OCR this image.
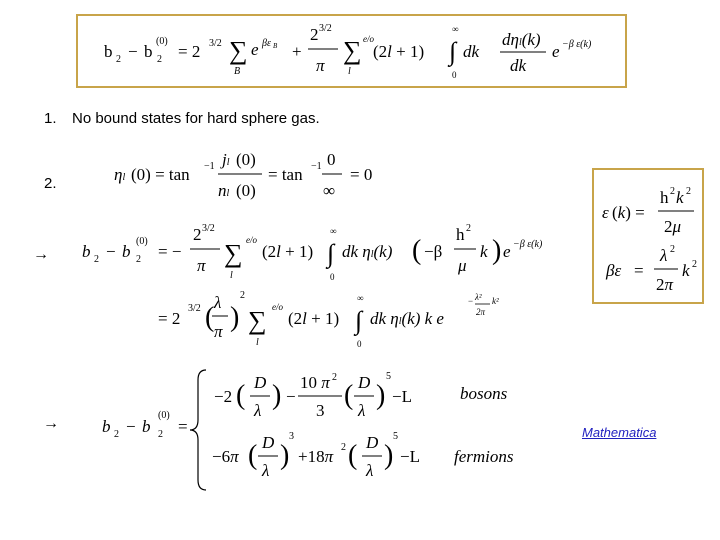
1. No bound states for hard sphere gas.
2.
→
→
b 2 − b
(0)
2 = 2 3/2 ∑
B
e βε B +
2 3/2
π
∑
l
e/o
(2l + 1) ∫
∞
0
dk
dηl(k)
dk
e −β ε(k)
ηl (0) = tan −1 jl (0)
nl (0)
= tan −1 0
∞
= 0
b 2 − b
(0)
2 = −
2 3/2
π ∑
l
e/o
(2l + 1) ∫
∞
0
dk ηl(k) ( −β
h 2
μ
k ) e −β ε(k)
= 2
3/2 ( λ
π )
2
∑
l
e/o
(2l + 1) ∫
∞
0
dk ηl(k) k e
λ²
−
2π
k²
b 2 − b
(0)
2 =
−2 ( D
λ ) −
10 π 2
3 ( D
λ )
5
−L
−6π ( D
λ )
3
+18π 2 ( D
λ )
5
−L
ε (k) =
h 2 k 2
2μ
βε =
λ 2
2π
k 2
bosons
fermions
Mathematica
